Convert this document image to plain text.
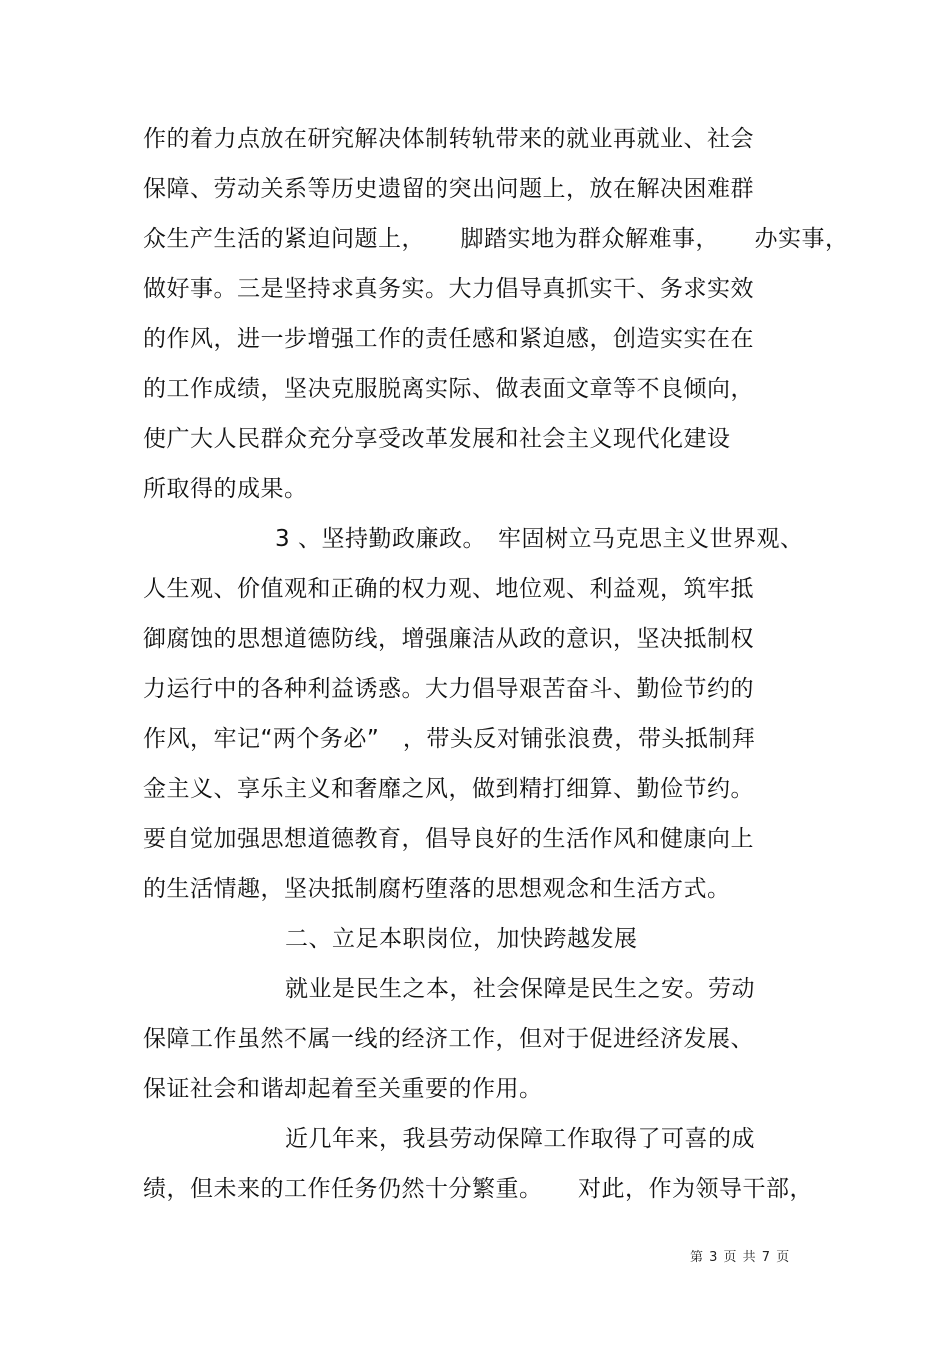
作的着力点放在研究解决体制转轨带来的就业再就业、社会
保障、劳动关系等历史遗留的突出问题上，放在解决困难群
众生产生活的紧迫问题上，　　脚踏实地为群众解难事，　　办实事，
做好事。三是坚持求真务实。大力倡导真抓实干、务求实效
的作风，进一步增强工作的责任感和紧迫感，创造实实在在
的工作成绩，坚决克服脱离实际、做表面文章等不良倾向，
使广大人民群众充分享受改革发展和社会主义现代化建设
所取得的成果。
3 、坚持勤政廉政。　牢固树立马克思主义世界观、
人生观、价值观和正确的权力观、地位观、利益观，筑牢抵
御腐蚀的思想道德防线，增强廉洁从政的意识，坚决抵制权
力运行中的各种利益诱惑。大力倡导艰苦奋斗、勤俭节约的
作风，牢记“两个务必”　，带头反对铺张浪费，带头抵制拜
金主义、享乐主义和奢靡之风，做到精打细算、勤俭节约。
要自觉加强思想道德教育，倡导良好的生活作风和健康向上
的生活情趣，坚决抵制腐朽堕落的思想观念和生活方式。
二、立足本职岗位，加快跨越发展
就业是民生之本，社会保障是民生之安。劳动
保障工作虽然不属一线的经济工作，但对于促进经济发展、
保证社会和谐却起着至关重要的作用。
近几年来，我县劳动保障工作取得了可喜的成
绩，但未来的工作任务仍然十分繁重。　　对此，作为领导干部，
第 3 页 共 7 页
